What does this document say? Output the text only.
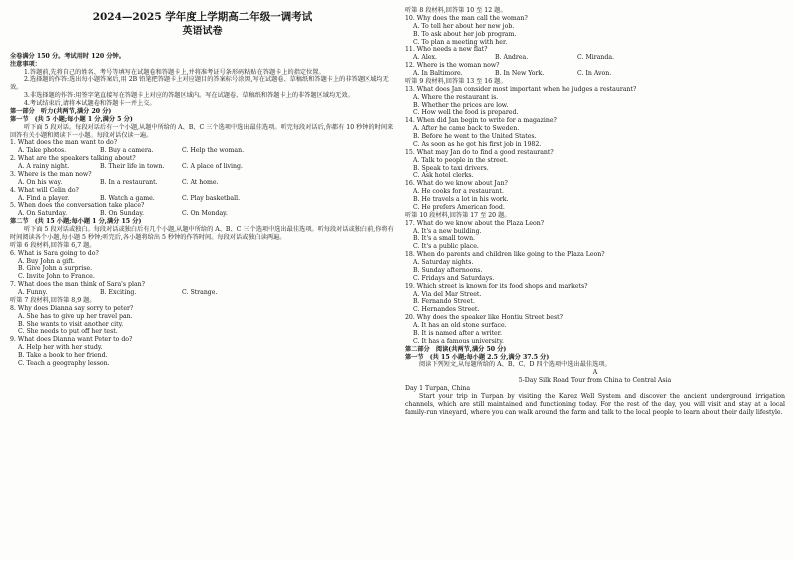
2024—2025 学年度上学期高二年级一调考试
英语试卷
全卷满分 150 分。考试用时 120 分钟。
注意事项：
1.答题前,先将自己的姓名、考号等填写在试题卷和答题卡上,并将准考证号条形码粘贴在答题卡上的指定位置。
2.选择题的作答:选出每小题答案后,用 2B 铅笔把答题卡上对应题目的答案标号涂黑,写在试题卷、草稿纸和答题卡上的非答题区域均无效。
3.非选择题的作答:用签字笔直接写在答题卡上对应的答题区域内。写在试题卷、草稿纸和答题卡上的非答题区域均无效。
4.考试结束后,请将本试题卷和答题卡一并上交。
第一部分　听力(共两节,满分 20 分)
第一节　(共 5 小题;每小题 1 分,满分 5 分)
听下面 5 段对话。每段对话后有一个小题,从题中所给的 A、B、C 三个选项中选出最佳选项。听完每段对话后,你都有 10 秒钟的时间来回答有关小题和阅读下一小题。每段对话仅读一遍。
1. What does the man want to do?
A. Take photos.	B. Buy a camera.	C. Help the woman.
2. What are the speakers talking about?
A. A rainy night.	B. Their life in town.	C. A place of living.
3. Where is the man now?
A. On his way.	B. In a restaurant.	C. At home.
4. What will Celin do?
A. Find a player.	B. Watch a game.	C. Play basketball.
5. When does the conversation take place?
A. On Saturday.	B. On Sunday.	C. On Monday.
第二节　(共 15 小题;每小题 1 分,满分 15 分)
听下面 5 段对话或独白。每段对话或独白后有几个小题,从题中所给的 A、B、C 三个选项中选出最佳选项。听每段对话或独白前,你将有时间阅读各个小题,每小题 5 秒钟;听完后,各小题将给出 5 秒钟的作答时间。每段对话或独白读两遍。
听第 6 段材料,回答第 6,7 题。
6. What is Sara going to do?
A. Buy John a gift.
B. Give John a surprise.
C. Invite John to France.
7. What does the man think of Sara's plan?
A. Funny.	B. Exciting.	C. Strange.
听第 7 段材料,回答第 8,9 题。
8. Why does Dianna say sorry to peter?
A. She has to give up her travel pan.
B. She wants to visit another city.
C. She needs to put off her test.
9. What does Dianna want Peter to do?
A. Help her with her study.
B. Take a book to her friend.
C. Teach a geography lesson.
听第 8 段材料,回答第 10 至 12 题。
10. Why does the man call the woman?
A. To tell her about her new job.
B. To ask about her job program.
C. To plan a meeting with her.
11. Who needs a new flat?
A. Alex.	B. Andrea.	C. Miranda.
12. Where is the woman now?
A. In Baltimore.	B. In New York.	C. In Avon.
听第 9 段材料,回答第 13 至 16 题。
13. What does Jan consider most important when he judges a restaurant?
A. Where the restaurant is.
B. Whether the prices are low.
C. How well the food is prepared.
14. When did Jan begin to write for a magazine?
A. After he came back to Sweden.
B. Before he went to the United States.
C. As soon as he got his first job in 1982.
15. What may Jan do to find a good restaurant?
A. Talk to people in the street.
B. Speak to taxi drivers.
C. Ask hotel clerks.
16. What do we know about Jan?
A. He cooks for a restaurant.
B. He travels a lot in his work.
C. He prefers American food.
听第 10 段材料,回答第 17 至 20 题。
17. What do we know about the Plaza Leon?
A. It's a new building.
B. It's a small town.
C. It's a public place.
18. When do parents and children like going to the Plaza Leon?
A. Saturday nights.
B. Sunday afternoons.
C. Fridays and Saturdays.
19. Which street is known for its food shops and markets?
A. Via del Mar Street.
B. Fernando Street.
C. Hernandes Street.
20. Why does the speaker like Hontiu Street best?
A. It has an old stone surface.
B. It is named after a writer.
C. It has a famous university.
第二部分　阅读(共两节,满分 50 分)
第一节　(共 15 小题;每小题 2.5 分,满分 37.5 分)
阅读下列短文,从每题所给的 A、B、C、D 四个选项中选出最佳选项。
A
5-Day Silk Road Tour from China to Central Asia
Day 1 Turpan, China
Start your trip in Turpan by visiting the Karez Well System and discover the ancient underground irrigation channels, which are still maintained and functioning today. For the rest of the day, you will visit and stay at a local family-run vineyard, where you can walk around the farm and talk to the local people to learn about their daily lifestyle.
